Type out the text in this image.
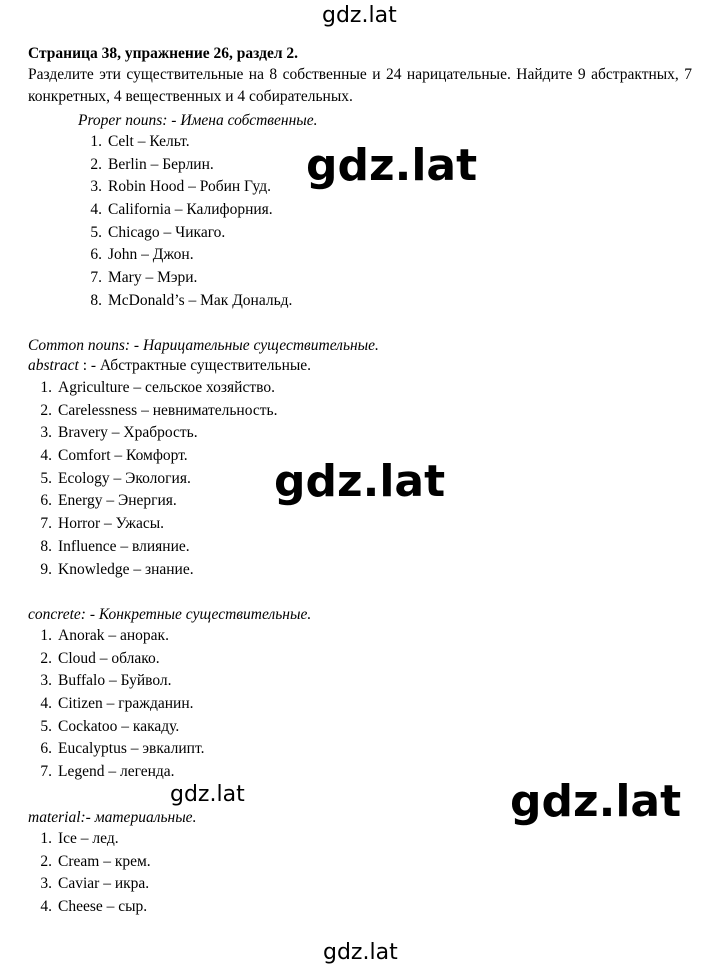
gdz.lat
gdz.lat
gdz.lat
gdz.lat
gdz.lat
Страница 38, упражнение 26, раздел 2.
Разделите эти существительные на 8 собственные и 24 нарицательные. Найдите 9 абстрактных, 7 конкретных, 4 вещественных и 4 собирательных.
Proper nouns: - Имена собственные.
1. Celt – Кельт.
2. Berlin – Берлин.
3. Robin Hood – Робин Гуд.
4. California – Калифорния.
5. Chicago – Чикаго.
6. John – Джон.
7. Mary – Мэри.
8. McDonald’s – Мак Дональд.
Common nouns: - Нарицательные существительные.
abstract : - Абстрактные существительные.
1. Agriculture – сельское хозяйство.
2. Carelessness – невнимательность.
3. Bravery – Храбрость.
4. Comfort – Комфорт.
5. Ecology – Экология.
6. Energy – Энергия.
7. Horror – Ужасы.
8. Influence – влияние.
9. Knowledge – знание.
concrete: - Конкретные существительные.
1. Anorak – анорак.
2. Cloud – облако.
3. Buffalo – Буйвол.
4. Citizen – гражданин.
5. Cockatoo – какаду.
6. Eucalyptus – эвкалипт.
7. Legend – легенда.
gdz.lat
material:- материальные.
1. Ice – лед.
2. Cream – крем.
3. Caviar – икра.
4. Cheese – сыр.
